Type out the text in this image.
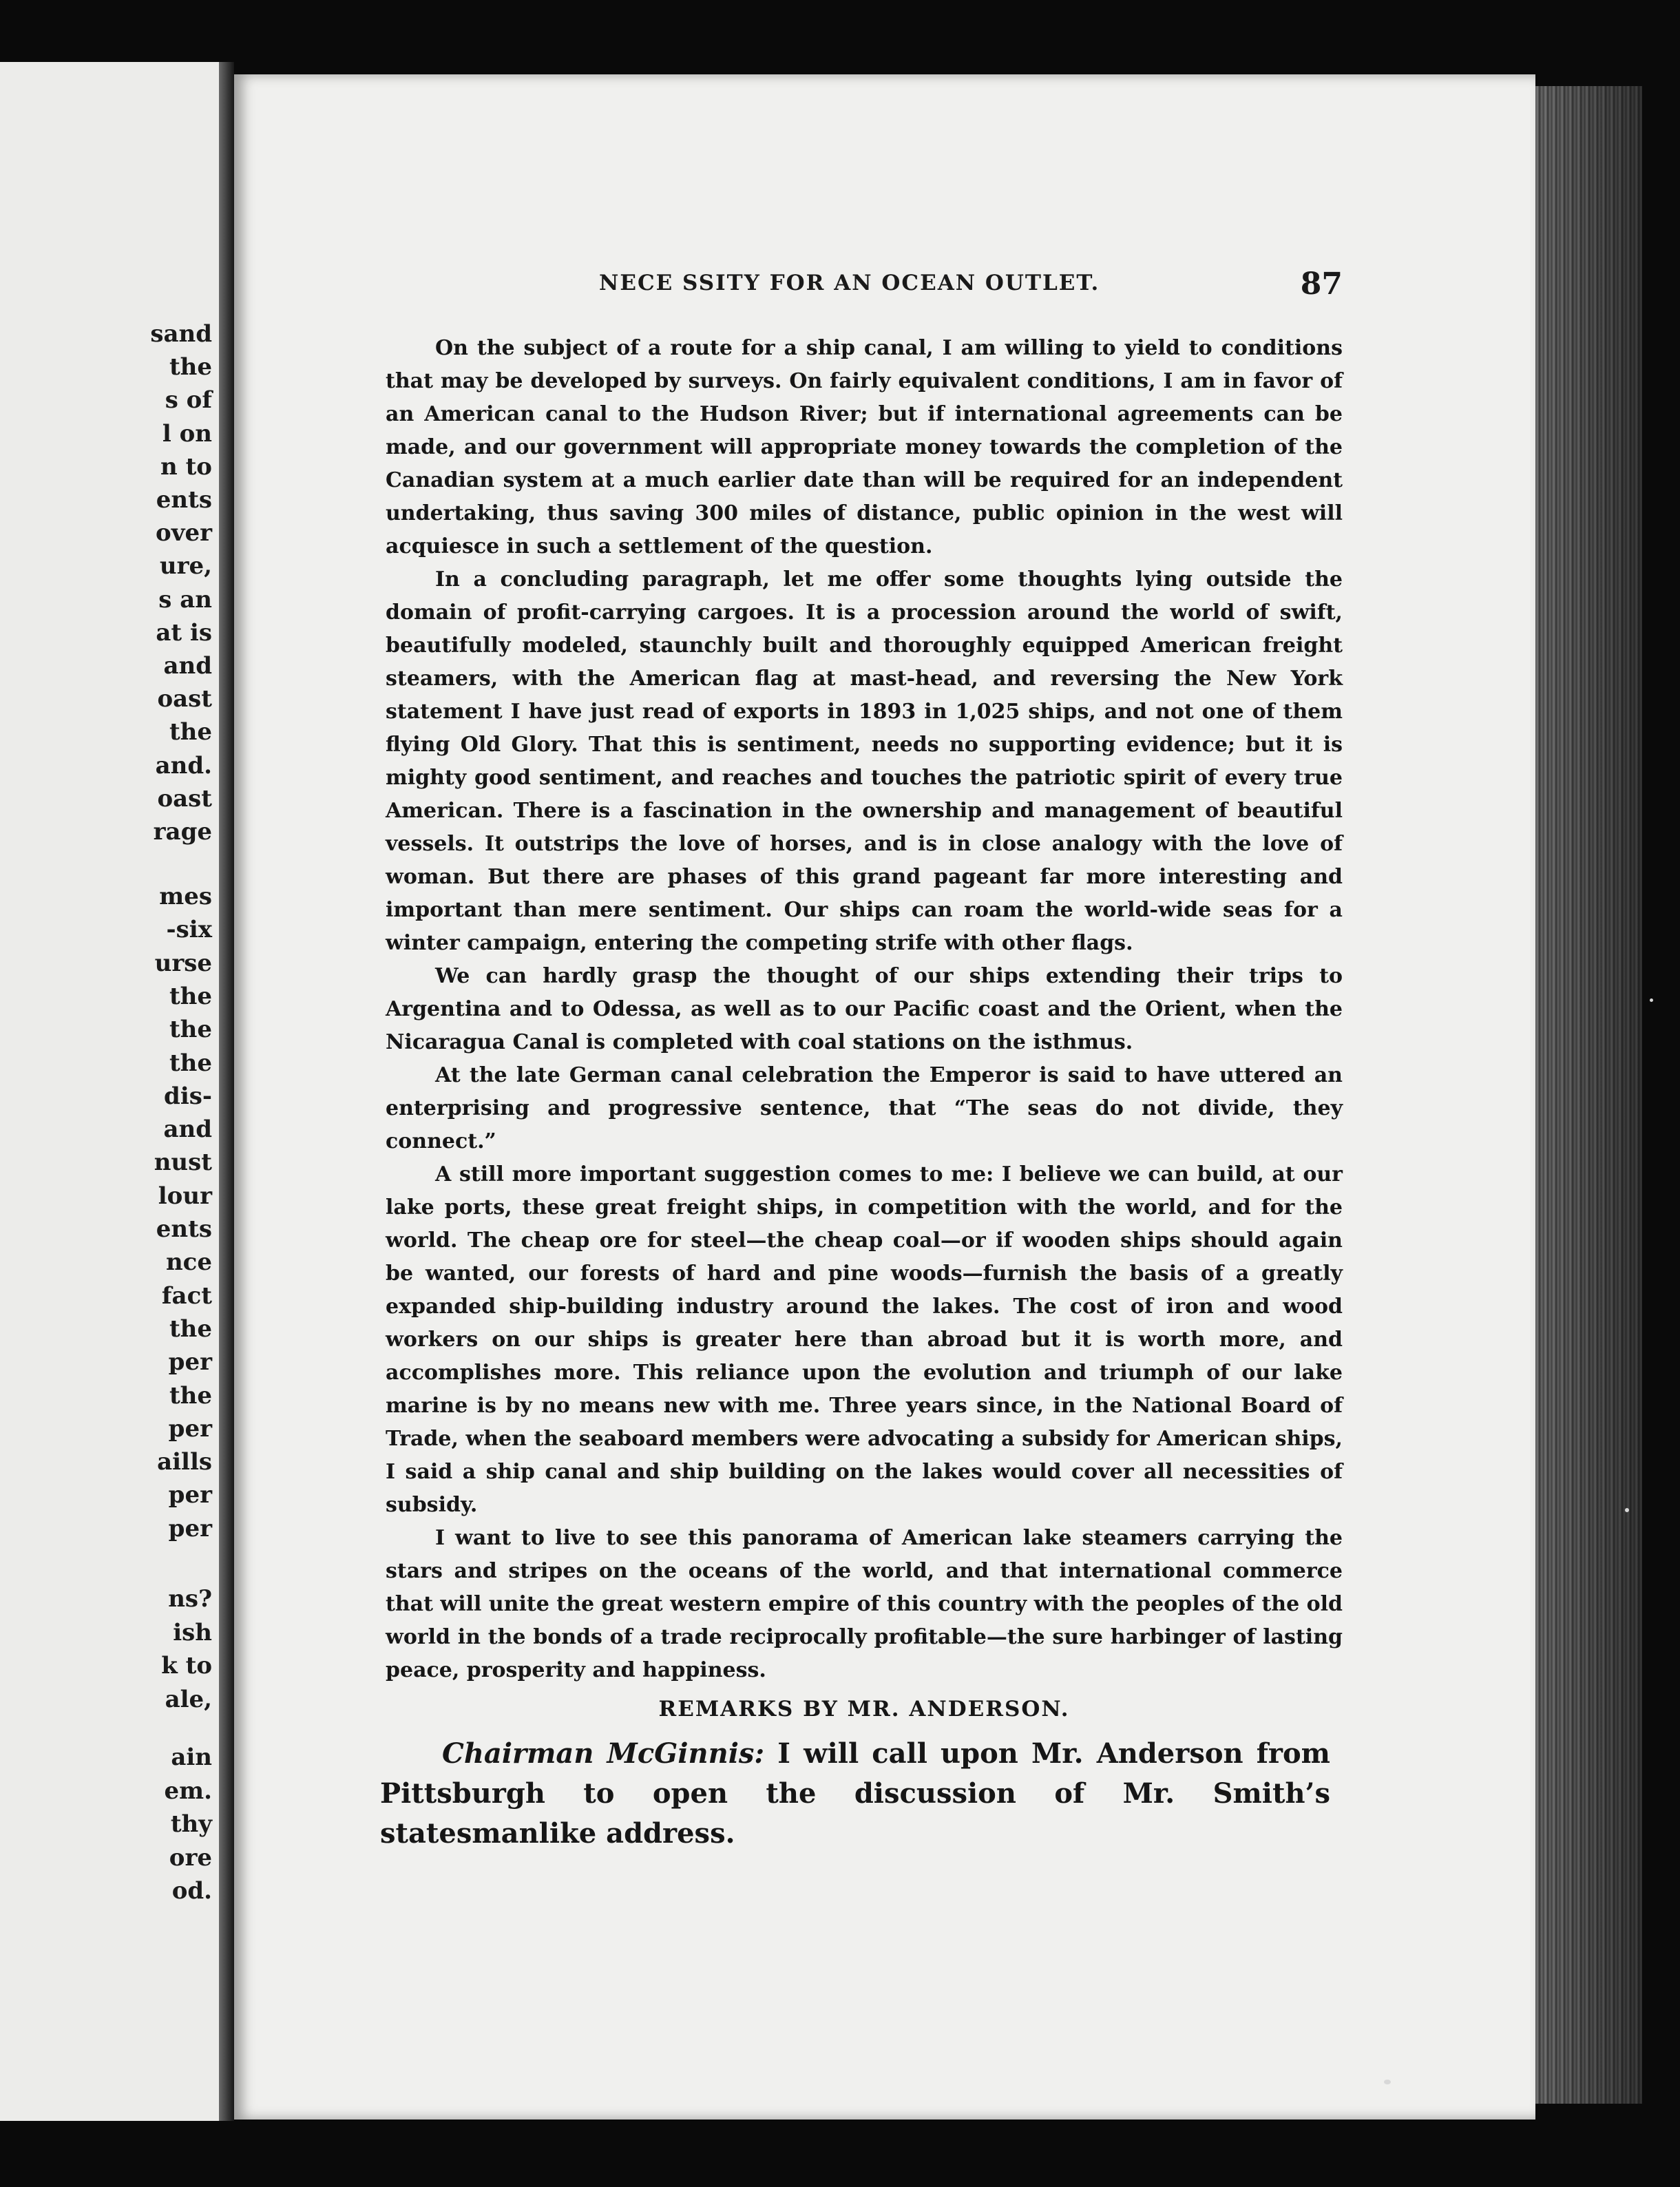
sand
the
s of
l on
n to
ents
over
ure,
s an
at is
and
oast
the
and.
oast
rage
mes
-six
urse
the
the
the
dis-
and
nust
lour
ents
nce
fact
the
per
the
per
aills
per
per
ns?
ish
k to
ale,
ain
em.
thy
ore
od.
NECE SSITY FOR AN OCEAN OUTLET.	87

On the subject of a route for a ship canal, I am willing to yield to conditions that may be developed by surveys. On fairly equivalent conditions, I am in favor of an American canal to the Hudson River; but if international agreements can be made, and our government will appropriate money towards the completion of the Canadian system at a much earlier date than will be required for an independent undertaking, thus saving 300 miles of distance, public opinion in the west will acquiesce in such a settlement of the question.

In a concluding paragraph, let me offer some thoughts lying outside the domain of profit-carrying cargoes. It is a procession around the world of swift, beautifully modeled, staunchly built and thoroughly equipped American freight steamers, with the American flag at mast-head, and reversing the New York statement I have just read of exports in 1893 in 1,025 ships, and not one of them flying Old Glory. That this is sentiment, needs no supporting evidence; but it is mighty good sentiment, and reaches and touches the patriotic spirit of every true American. There is a fascination in the ownership and management of beautiful vessels. It outstrips the love of horses, and is in close analogy with the love of woman. But there are phases of this grand pageant far more interesting and important than mere sentiment. Our ships can roam the world-wide seas for a winter campaign, entering the competing strife with other flags.

We can hardly grasp the thought of our ships extending their trips to Argentina and to Odessa, as well as to our Pacific coast and the Orient, when the Nicaragua Canal is completed with coal stations on the isthmus.

At the late German canal celebration the Emperor is said to have uttered an enterprising and progressive sentence, that “The seas do not divide, they connect.”

A still more important suggestion comes to me: I believe we can build, at our lake ports, these great freight ships, in competition with the world, and for the world. The cheap ore for steel—the cheap coal—or if wooden ships should again be wanted, our forests of hard and pine woods—furnish the basis of a greatly expanded ship-building industry around the lakes. The cost of iron and wood workers on our ships is greater here than abroad but it is worth more, and accomplishes more. This reliance upon the evolution and triumph of our lake marine is by no means new with me. Three years since, in the National Board of Trade, when the seaboard members were advocating a subsidy for American ships, I said a ship canal and ship building on the lakes would cover all necessities of subsidy.

I want to live to see this panorama of American lake steamers carrying the stars and stripes on the oceans of the world, and that international commerce that will unite the great western empire of this country with the peoples of the old world in the bonds of a trade reciprocally profitable—the sure harbinger of lasting peace, prosperity and happiness.

REMARKS BY MR. ANDERSON.

Chairman McGinnis: I will call upon Mr. Anderson from Pittsburgh to open the discussion of Mr. Smith’s statesmanlike address.
